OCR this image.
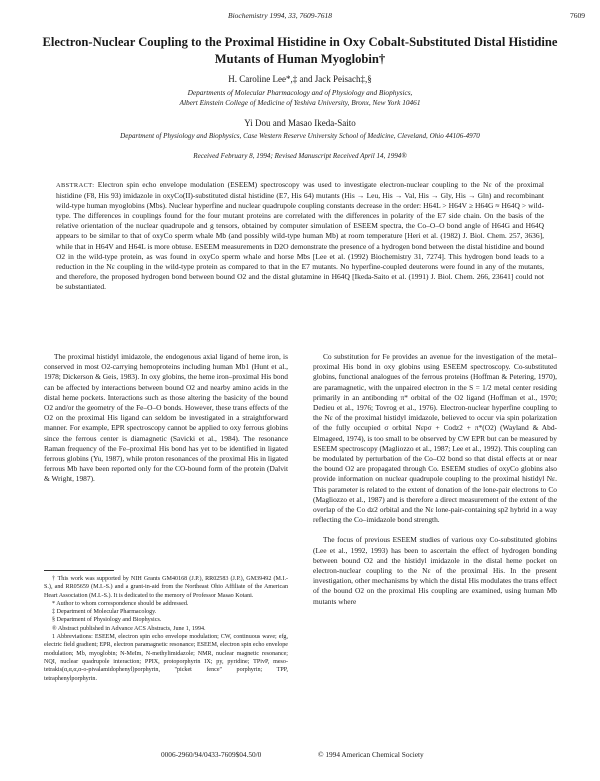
Biochemistry 1994, 33, 7609-7618	7609
Electron-Nuclear Coupling to the Proximal Histidine in Oxy Cobalt-Substituted Distal Histidine Mutants of Human Myoglobin†
H. Caroline Lee*,‡ and Jack Peisach‡,§
Departments of Molecular Pharmacology and of Physiology and Biophysics,
Albert Einstein College of Medicine of Yeshiva University, Bronx, New York 10461
Yi Dou and Masao Ikeda-Saito
Department of Physiology and Biophysics, Case Western Reserve University School of Medicine, Cleveland, Ohio 44106-4970
Received February 8, 1994; Revised Manuscript Received April 14, 1994®

ABSTRACT: Electron spin echo envelope modulation (ESEEM) spectroscopy was used to investigate electron-nuclear coupling to the Nε of the proximal histidine (F8, His 93) imidazole in oxyCo(II)-substituted distal histidine (E7, His 64) mutants (His → Leu, His → Val, His → Gly, His → Gln) and recombinant wild-type human myoglobins (Mbs). Nuclear hyperfine and nuclear quadrupole coupling constants decrease in the order: H64L > H64V ≥ H64G ≈ H64Q > wild-type. The differences in couplings found for the four mutant proteins are correlated with the differences in polarity of the E7 side chain. On the basis of the relative orientation of the nuclear quadrupole and g tensors, obtained by computer simulation of ESEEM spectra, the Co–O–O bond angle of H64G and H64Q appears to be similar to that of oxyCo sperm whale Mb (and possibly wild-type human Mb) at room temperature [Heri et al. (1982) J. Biol. Chem. 257, 3636], while that in H64V and H64L is more obtuse. ESEEM measurements in D2O demonstrate the presence of a hydrogen bond between the distal histidine and bound O2 in the wild-type protein, as was found in oxyCo sperm whale and horse Mbs [Lee et al. (1992) Biochemistry 31, 7274]. This hydrogen bond leads to a reduction in the Nε coupling in the wild-type protein as compared to that in the E7 mutants. No hyperfine-coupled deuterons were found in any of the mutants, and therefore, the proposed hydrogen bond between bound O2 and the distal glutamine in H64Q [Ikeda-Saito et al. (1991) J. Biol. Chem. 266, 23641] could not be substantiated.

The proximal histidyl imidazole, the endogenous axial ligand of heme iron, is conserved in most O2-carrying hemoproteins including human Mb1 (Hunt et al., 1978; Dickerson & Geis, 1983). In oxy globins, the heme iron–proximal His bond can be affected by interactions between bound O2 and nearby amino acids in the distal heme pockets. Interactions such as those altering the basicity of the bound O2 and/or the geometry of the Fe–O–O bonds. However, these trans effects of the O2 on the proximal His ligand can seldom be investigated in a straightforward manner. For example, EPR spectroscopy cannot be applied to oxy ferrous globins since the ferrous center is diamagnetic (Savicki et al., 1984). The resonance Raman frequency of the Fe–proximal His bond has yet to be identified in ligated ferrous globins (Yu, 1987), while proton resonances of the proximal His in ligated ferrous Mb have been reported only for the CO-bound form of the protein (Dalvit & Wright, 1987).

† This work was supported by NIH Grants GM40168 (J.P.), RR02583 (J.P.), GM39492 (M.I.-S.), and RR05659 (M.I.-S.) and a grant-in-aid from the Northeast Ohio Affiliate of the American Heart Association (M.I.-S.). It is dedicated to the memory of Professor Masao Kotani.

* Author to whom correspondence should be addressed.

‡ Department of Molecular Pharmacology.

§ Department of Physiology and Biophysics.

® Abstract published in Advance ACS Abstracts, June 1, 1994.

1 Abbreviations: ESEEM, electron spin echo envelope modulation; CW, continuous wave; efg, electric field gradient; EPR, electron paramagnetic resonance; ESEEM, electron spin echo envelope modulation; Mb, myoglobin; N-MeIm, N-methylimidazole; NMR, nuclear magnetic resonance; NQI, nuclear quadrupole interaction; PPIX, protoporphyrin IX; py, pyridine; TPivP, meso-tetrakis(α,α,α,α-o-pivalamidophenyl)porphyrin, "picket fence" porphyrin; TPP, tetraphenylporphyrin.

Co substitution for Fe provides an avenue for the investigation of the metal–proximal His bond in oxy globins using ESEEM spectroscopy. Co-substituted globins, functional analogues of the ferrous proteins (Hoffman & Petering, 1970), are paramagnetic, with the unpaired electron in the S = 1/2 metal center residing primarily in an antibonding π* orbital of the O2 ligand (Hoffman et al., 1970; Dedieu et al., 1976; Tovrog et al., 1976). Electron-nuclear hyperfine coupling to the Nε of the proximal histidyl imidazole, believed to occur via spin polarization of the fully occupied σ orbital Nεpσ + Codz2 + π*(O2) (Wayland & Abd-Elmageed, 1974), is too small to be observed by CW EPR but can be measured by ESEEM spectroscopy (Magliozzo et al., 1987; Lee et al., 1992). This coupling can be modulated by perturbation of the Co–O2 bond so that distal effects at or near the bound O2 are propagated through Co. ESEEM studies of oxyCo globins also provide information on nuclear quadrupole coupling to the proximal histidyl Nε. This parameter is related to the extent of donation of the lone-pair electrons to Co (Magliozzo et al., 1987) and is therefore a direct measurement of the extent of the overlap of the Co dz2 orbital and the Nε lone-pair-containing sp2 hybrid in a way reflecting the Co–imidazole bond strength.

The focus of previous ESEEM studies of various oxy Co-substituted globins (Lee et al., 1992, 1993) has been to ascertain the effect of hydrogen bonding between bound O2 and the histidyl imidazole in the distal heme pocket on electron-nuclear coupling to the Nε of the proximal His. In the present investigation, other mechanisms by which the distal His modulates the trans effect of the bound O2 on the proximal His coupling are examined, using human Mb mutants where

0006-2960/94/0433-7609$04.50/0	© 1994 American Chemical Society
